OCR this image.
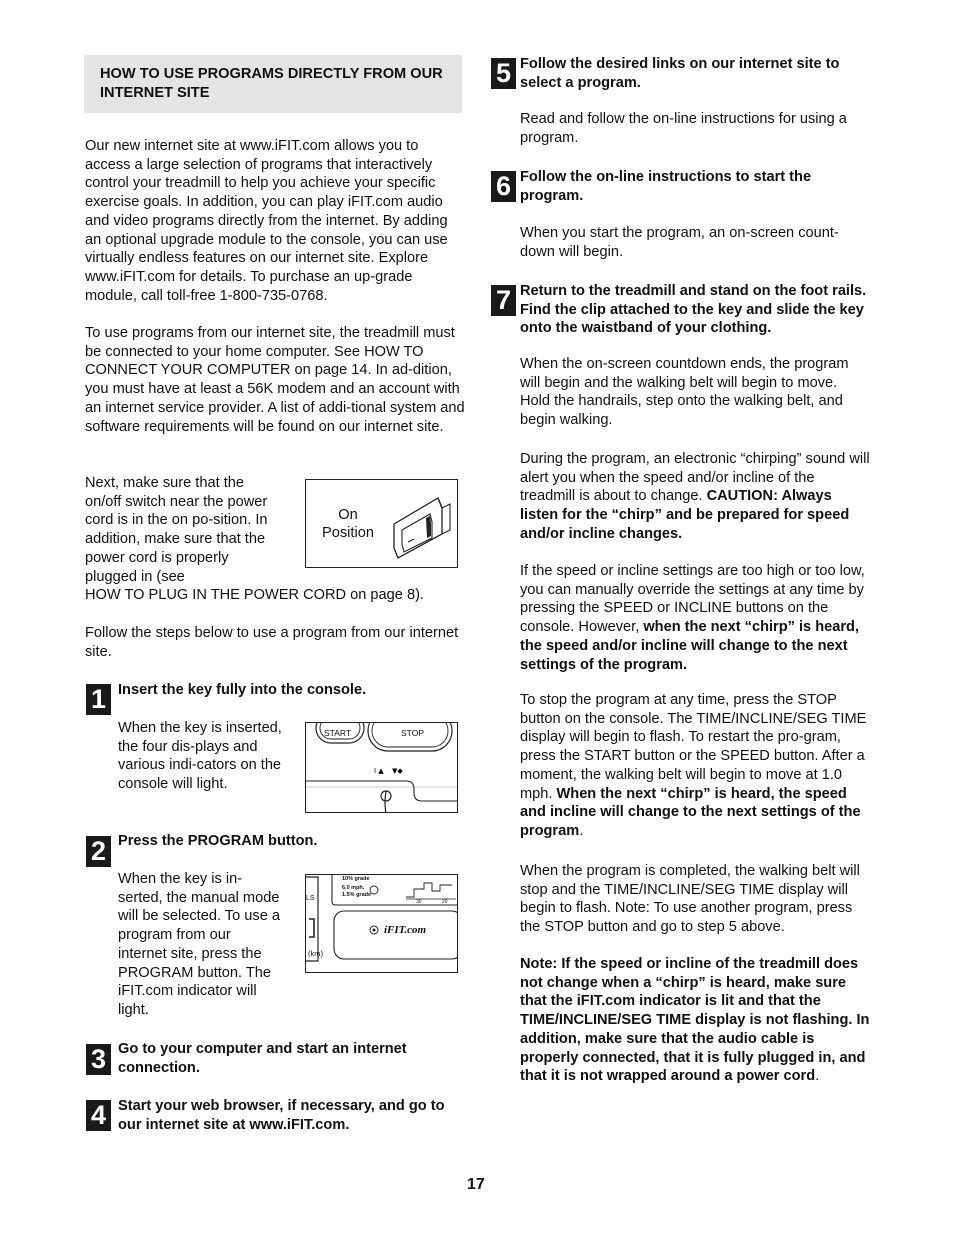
HOW TO USE PROGRAMS DIRECTLY FROM OUR INTERNET SITE

Our new internet site at www.iFIT.com allows you to access a large selection of programs that interactively control your treadmill to help you achieve your specific exercise goals. In addition, you can play iFIT.com audio and video programs directly from the internet. By adding an optional upgrade module to the console, you can use virtually endless features on our internet site. Explore www.iFIT.com for details. To purchase an up-grade module, call toll-free 1-800-735-0768.

To use programs from our internet site, the treadmill must be connected to your home computer. See HOW TO CONNECT YOUR COMPUTER on page 14. In ad-dition, you must have at least a 56K modem and an account with an internet service provider. A list of addi-tional system and software requirements will be found on our internet site.

Next, make sure that the on/off switch near the power cord is in the on po-sition. In addition, make sure that the power cord is properly plugged in (see

HOW TO PLUG IN THE POWER CORD on page 8).

Follow the steps below to use a program from our internet site.

On
Position
1 Insert the key fully into the console.

When the key is inserted, the four dis-plays and various indi-cators on the console will light.

I ▲ ▼◆
START	STOP
2 Press the PROGRAM button.

When the key is in-serted, the manual mode will be selected. To use a program from our internet site, press the PROGRAM button. The iFIT.com indicator will light.

10% grade
6.0 mph,
1.5% grade
30	20
LS
(km)
iFIT.com
3 Go to your computer and start an internet connection.
4 Start your web browser, if necessary, and go to our internet site at www.iFIT.com.
5 Follow the desired links on our internet site to select a program.

Read and follow the on-line instructions for using a program.

6 Follow the on-line instructions to start the program.

When you start the program, an on-screen count-down will begin.

7 Return to the treadmill and stand on the foot rails. Find the clip attached to the key and slide the key onto the waistband of your clothing.

When the on-screen countdown ends, the program will begin and the walking belt will begin to move. Hold the handrails, step onto the walking belt, and begin walking.

During the program, an electronic “chirping” sound will alert you when the speed and/or incline of the treadmill is about to change. CAUTION: Always listen for the “chirp” and be prepared for speed and/or incline changes.

If the speed or incline settings are too high or too low, you can manually override the settings at any time by pressing the SPEED or INCLINE buttons on the console. However, when the next “chirp” is heard, the speed and/or incline will change to the next settings of the program.

To stop the program at any time, press the STOP button on the console. The TIME/INCLINE/SEG TIME display will begin to flash. To restart the pro-gram, press the START button or the SPEED button. After a moment, the walking belt will begin to move at 1.0 mph. When the next “chirp” is heard, the speed and incline will change to the next settings of the program.

When the program is completed, the walking belt will stop and the TIME/INCLINE/SEG TIME display will begin to flash. Note: To use another program, press the STOP button and go to step 5 above.

Note: If the speed or incline of the treadmill does not change when a “chirp” is heard, make sure that the iFIT.com indicator is lit and that the TIME/INCLINE/SEG TIME display is not flashing. In addition, make sure that the audio cable is properly connected, that it is fully plugged in, and that it is not wrapped around a power cord.

17
